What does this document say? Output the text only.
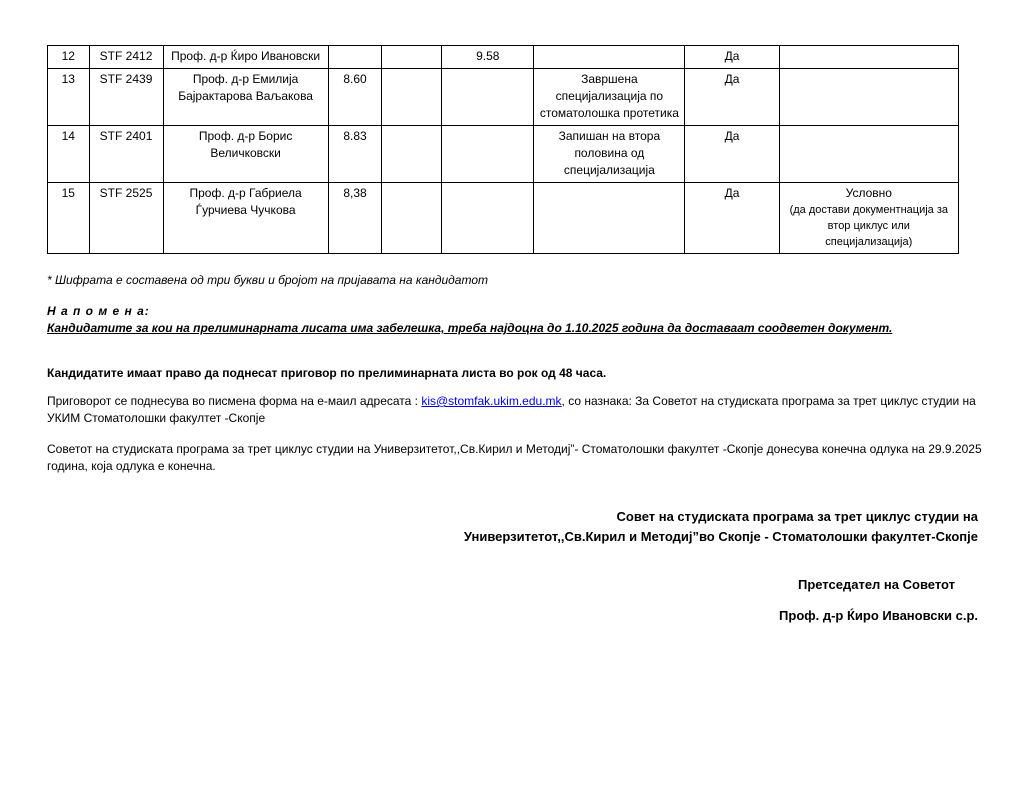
12	STF 2412	Проф. д-р Ќиро Ивановски			9.58		Да	

13	STF 2439	Проф. д-р Емилија Бајрактарова Ваљакова	8.60			Завршена специјализација по стоматолошка протетика	Да	

14	STF 2401	Проф. д-р Борис Величковски	8.83			Запишан на втора половина од специјализација	Да	

15	STF 2525	Проф. д-р Габриела Ѓурчиева Чучкова	8,38				Да	Условно
(да достави документнација за втор циклус или специјализација)
* Шифрата е составена од три букви и бројот на пријавата на кандидатот
Н а п о м е н а:
Кандидатите за кои на прелиминарната лисата има забелешка, треба најдоцна до 1.10.2025 година да доставаат соодветен документ.
Кандидатите имаат право да поднесат приговор по прелиминарната листа во рок од 48 часа.
Приговорот се поднесува во писмена форма на е-маил адресата : kis@stomfak.ukim.edu.mk, со назнака: За Советот на студиската програма за трет циклус студии на УКИМ Стоматолошки факултет -Скопје
Советот на студиската програма за трет циклус студии на Универзитетот,,Св.Кирил и Методиј”- Стоматолошки факултет -Скопје донесува конечна одлука на 29.9.2025 година, која одлука е конечна.
Совет на студиската програма за трет циклус студии на
Универзитетот,,Св.Кирил и Методиј”во Скопје - Стоматолошки факултет-Скопје
Претседател на Советот
Проф. д-р Ќиро Ивановски с.р.
